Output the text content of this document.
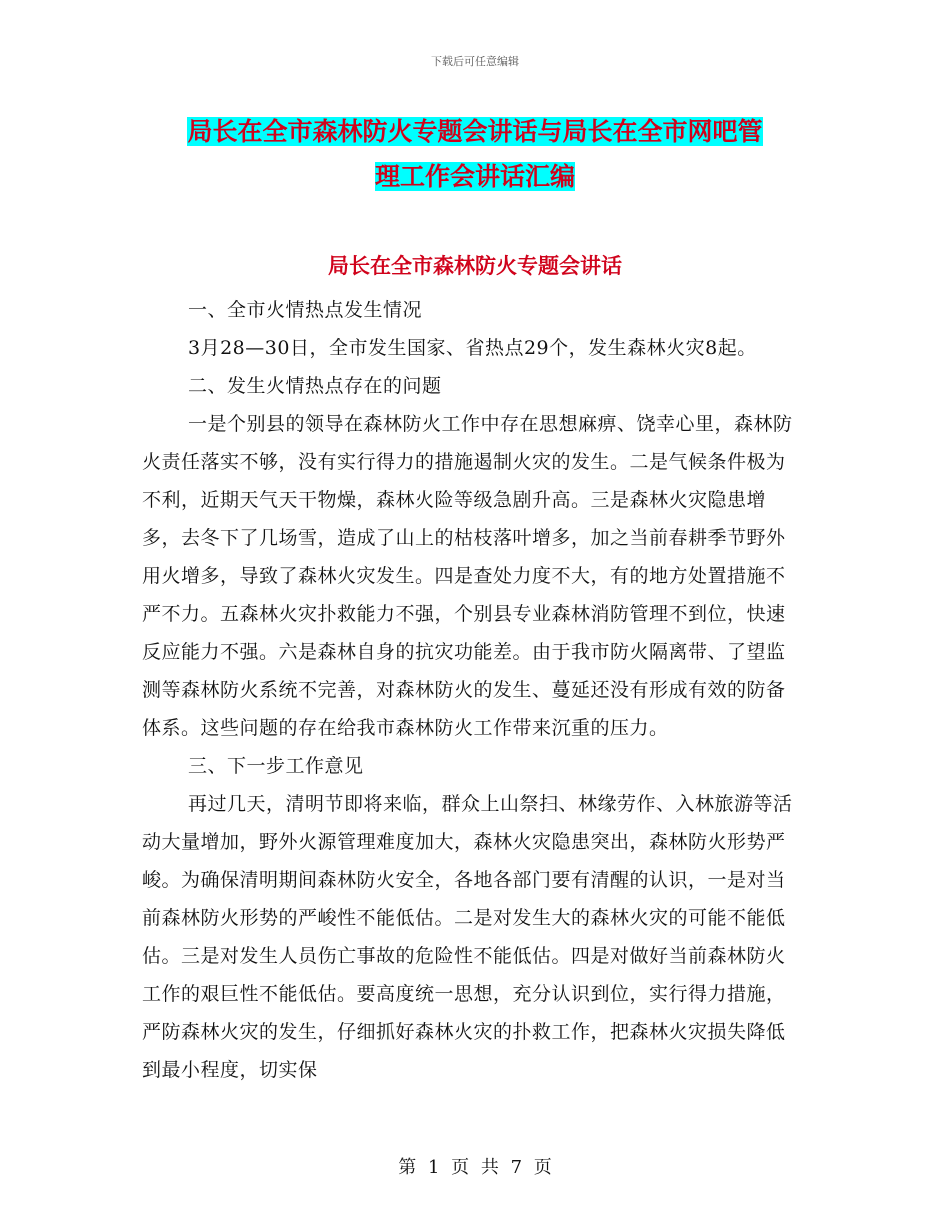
下载后可任意编辑
局长在全市森林防火专题会讲话与局长在全市网吧管
理工作会讲话汇编
局长在全市森林防火专题会讲话

一、全市火情热点发生情况

3月28—30日，全市发生国家、省热点29个，发生森林火灾8起。

二、发生火情热点存在的问题

一是个别县的领导在森林防火工作中存在思想麻痹、饶幸心里，森林防火责任落实不够，没有实行得力的措施遏制火灾的发生。二是气候条件极为不利，近期天气天干物燥，森林火险等级急剧升高。三是森林火灾隐患增多，去冬下了几场雪，造成了山上的枯枝落叶增多，加之当前春耕季节野外用火增多，导致了森林火灾发生。四是查处力度不大，有的地方处置措施不严不力。五森林火灾扑救能力不强，个别县专业森林消防管理不到位，快速反应能力不强。六是森林自身的抗灾功能差。由于我市防火隔离带、了望监测等森林防火系统不完善，对森林防火的发生、蔓延还没有形成有效的防备体系。这些问题的存在给我市森林防火工作带来沉重的压力。

三、下一步工作意见

再过几天，清明节即将来临，群众上山祭扫、林缘劳作、入林旅游等活动大量增加，野外火源管理难度加大，森林火灾隐患突出，森林防火形势严峻。为确保清明期间森林防火安全，各地各部门要有清醒的认识，一是对当前森林防火形势的严峻性不能低估。二是对发生大的森林火灾的可能不能低估。三是对发生人员伤亡事故的危险性不能低估。四是对做好当前森林防火工作的艰巨性不能低估。要高度统一思想，充分认识到位，实行得力措施，严防森林火灾的发生，仔细抓好森林火灾的扑救工作，把森林火灾损失降低到最小程度，切实保

第 1 页 共 7 页
